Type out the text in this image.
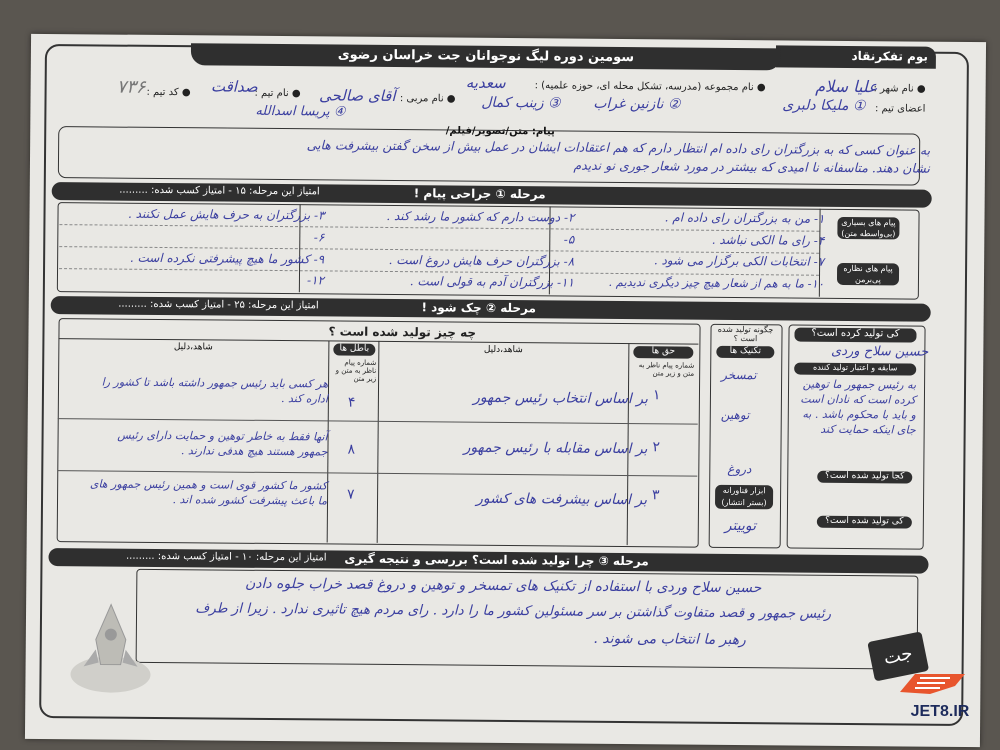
بوم تفکرنقاد
سومین دوره لیگ نوجوانان جت خراسان رضوی
● نام شهر :
علیا سلام
● نام مجموعه (مدرسه، تشکل محله ای، حوزه علمیه) :
سعدیه
● نام مربی :
آقای صالحی
● نام تیم :
صداقت
● کد تیم :
۷۳۶
اعضای تیم :
① ملیکا دلبری
② نازنین غراب
③ زینب کمال
④ پریسا اسدالله
پیام: متن/تصویر/فیلم/
به عنوان کسی که به بزرگتران رای داده ام انتظار دارم که هم اعتقادات ایشان در عمل بیش از سخن گفتن بیشرفت هایی
نشان دهند. متاسفانه نا امیدی که بیشتر در مورد شعار جوری نو ندیدم
مرحله ① جراحی پیام !
امتیاز این مرحله: ۱۵ - امتیاز کسب شده: .........
پیام های بسیاری (بی‌واسطه متن)
پیام های نظاره پی‌برمن
۱- من به بزرگتران رای داده ام .
۲- دوست دارم که کشور ما رشد کند .
۳- بزرگتران به حرف هایش عمل نکنند .
۴- رای ما الکی نباشد .
۵-
۶-
۷- انتخابات الکی برگزار می شود .
۸- بزرگتران حرف هایش دروغ است .
۹- کشور ما هیچ پیشرفتی نکرده است .
۱۰- ما به هم از شعار هیچ چیز دیگری ندیدیم .
۱۱- بزرگتران آدم به قولی است .
۱۲-
مرحله ② چک شود !
امتیاز این مرحله: ۲۵ - امتیاز کسب شده: .........
چه چیز تولید شده است ؟
حق ها
شماره پیام ناظر به متن و زیر متن
شاهد،دلیل
باطل ها
شماره پیام ناظر به متن و زیر متن
شاهد،دلیل
۱
بر اساس انتخاب رئیس جمهور
۴
هر کسی باید رئیس جمهور داشته باشد تا کشور را اداره کند .
۲
بر اساس مقابله با رئیس جمهور
۸
آنها فقط به خاطر توهین و حمایت دارای رئیس جمهور هستند هیچ هدفی ندارند .
۳
بر اساس بیشرفت های کشور
۷
کشور ما کشور قوی است و همین رئیس جمهور های ما باعث پیشرفت کشور شده اند .
چگونه تولید شده است ؟
تکنیک ها
تمسخر
توهین
دروغ
ابزار فناورانه (بستر انتشار)
توییتر
کی تولید کرده است؟
حسین سلاح وردی
سابقه و اعتبار تولید کننده
به رئیس جمهور ما توهین کرده است که نادان است و باید با محکوم باشد . به جای اینکه حمایت کند
کجا تولید شده است؟
کی تولید شده است؟
مرحله ③ چرا تولید شده است؟ بررسی و نتیجه گیری
امتیاز این مرحله: ۱۰ - امتیاز کسب شده: .........
حسین سلاح وردی با استفاده از تکنیک های تمسخر و توهین و دروغ قصد خراب جلوه دادن
رئیس جمهور و قصد متفاوت گذاشتن بر سر مسئولین کشور ما را دارد . رای مردم هیچ تاثیری ندارد . زیرا از طرف
رهبر ما انتخاب می شوند .
جت
JET8.IR
